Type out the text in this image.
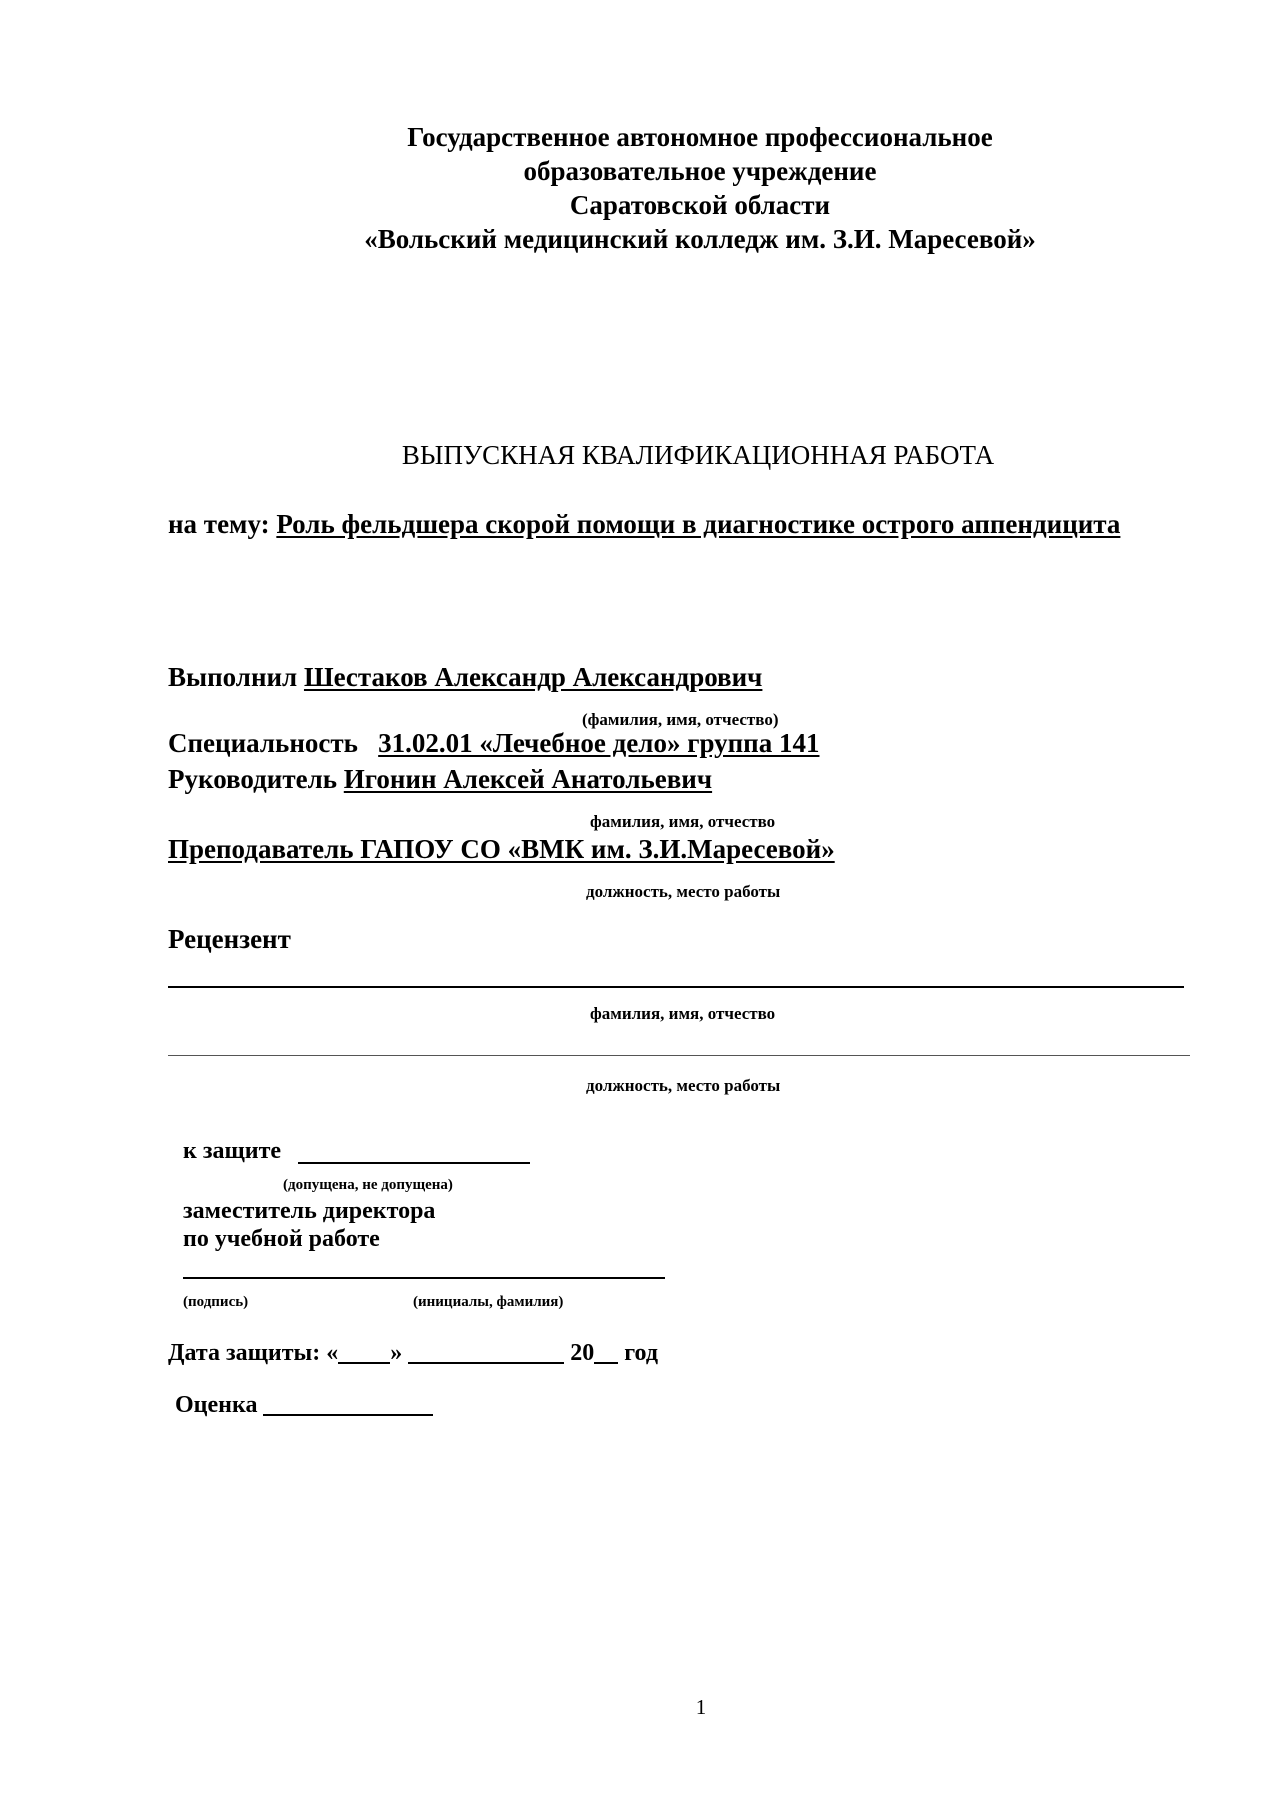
Государственное автономное профессиональное
образовательное учреждение
Саратовской области
«Вольский медицинский колледж им. З.И. Маресевой»
ВЫПУСКНАЯ КВАЛИФИКАЦИОННАЯ РАБОТА
на тему: Роль фельдшера скорой помощи в диагностике острого аппендицита
Выполнил Шестаков Александр Александрович
(фамилия, имя, отчество)
Специальность 31.02.01 «Лечебное дело» группа 141
Руководитель Игонин Алексей Анатольевич
фамилия, имя, отчество
Преподаватель ГАПОУ СО «ВМК им. З.И.Маресевой»
должность, место работы
Рецензент
фамилия, имя, отчество
должность, место работы
к защите
(допущена, не допущена)
заместитель директора
по учебной работе
(подпись)	(инициалы, фамилия)
Дата защиты: « »	20 год
Оценка
1
